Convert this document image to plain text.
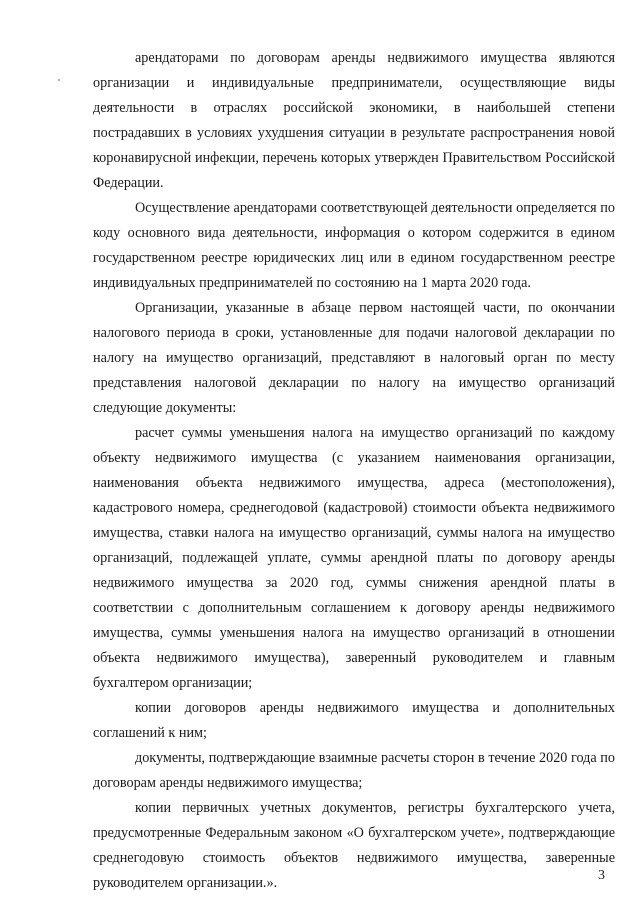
арендаторами по договорам аренды недвижимого имущества являются организации и индивидуальные предприниматели, осуществляющие виды деятельности в отраслях российской экономики, в наибольшей степени пострадавших в условиях ухудшения ситуации в результате распространения новой коронавирусной инфекции, перечень которых утвержден Правительством Российской Федерации.

Осуществление арендаторами соответствующей деятельности определяется по коду основного вида деятельности, информация о котором содержится в едином государственном реестре юридических лиц или в едином государственном реестре индивидуальных предпринимателей по состоянию на 1 марта 2020 года.

Организации, указанные в абзаце первом настоящей части, по окончании налогового периода в сроки, установленные для подачи налоговой декларации по налогу на имущество организаций, представляют в налоговый орган по месту представления налоговой декларации по налогу на имущество организаций следующие документы:

расчет суммы уменьшения налога на имущество организаций по каждому объекту недвижимого имущества (с указанием наименования организации, наименования объекта недвижимого имущества, адреса (местоположения), кадастрового номера, среднегодовой (кадастровой) стоимости объекта недвижимого имущества, ставки налога на имущество организаций, суммы налога на имущество организаций, подлежащей уплате, суммы арендной платы по договору аренды недвижимого имущества за 2020 год, суммы снижения арендной платы в соответствии с дополнительным соглашением к договору аренды недвижимого имущества, суммы уменьшения налога на имущество организаций в отношении объекта недвижимого имущества), заверенный руководителем и главным бухгалтером организации;

копии договоров аренды недвижимого имущества и дополнительных соглашений к ним;

документы, подтверждающие взаимные расчеты сторон в течение 2020 года по договорам аренды недвижимого имущества;

копии первичных учетных документов, регистры бухгалтерского учета, предусмотренные Федеральным законом «О бухгалтерском учете», подтверждающие среднегодовую стоимость объектов недвижимого имущества, заверенные руководителем организации.».	3
